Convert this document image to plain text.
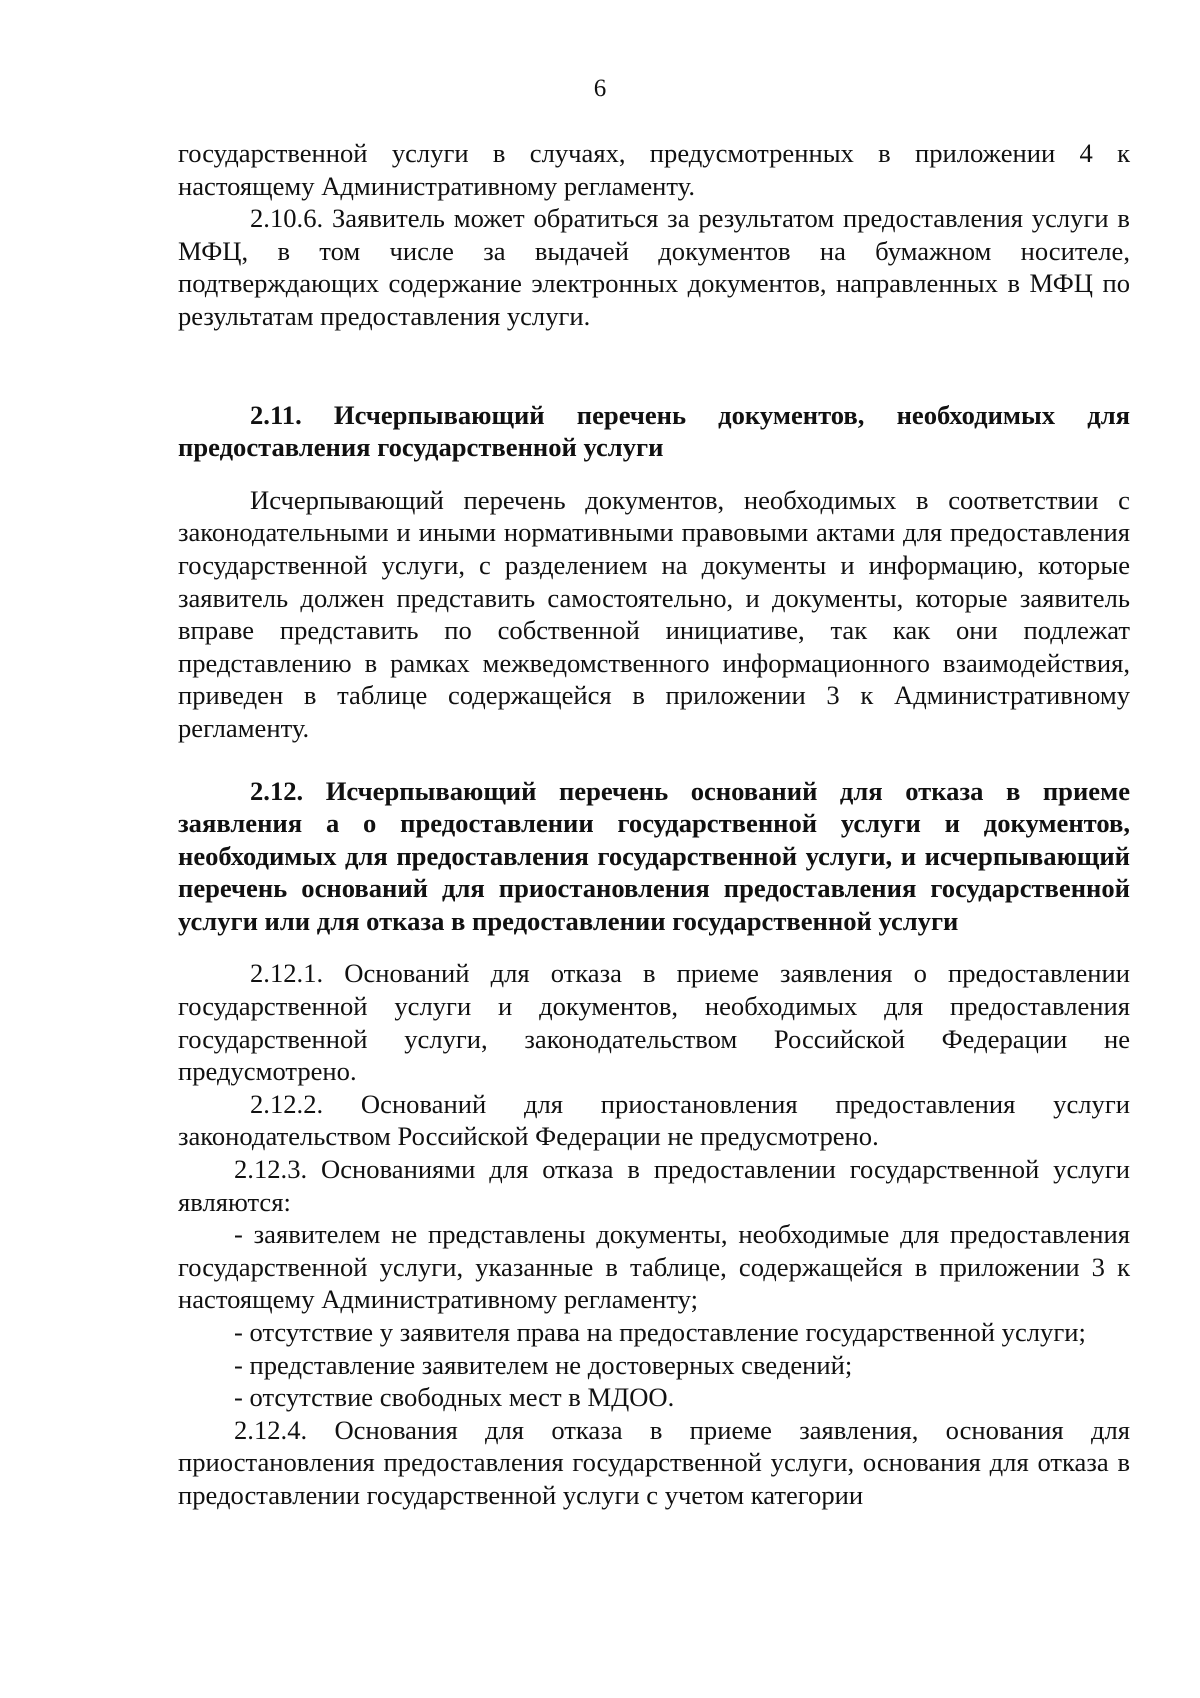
6

государственной услуги в случаях, предусмотренных в приложении 4 к настоящему Административному регламенту.

2.10.6. Заявитель может обратиться за результатом предоставления услуги в МФЦ, в том числе за выдачей документов на бумажном носителе, подтверждающих содержание электронных документов, направленных в МФЦ по результатам предоставления услуги.

2.11. Исчерпывающий перечень документов, необходимых для предоставления государственной услуги

Исчерпывающий перечень документов, необходимых в соответствии с законодательными и иными нормативными правовыми актами для предоставления государственной услуги, с разделением на документы и информацию, которые заявитель должен представить самостоятельно, и документы, которые заявитель вправе представить по собственной инициативе, так как они подлежат представлению в рамках межведомственного информационного взаимодействия, приведен в таблице содержащейся в приложении 3 к Административному регламенту.

2.12. Исчерпывающий перечень оснований для отказа в приеме заявления а о предоставлении государственной услуги и документов, необходимых для предоставления государственной услуги, и исчерпывающий перечень оснований для приостановления предоставления государственной услуги или для отказа в предоставлении государственной услуги

2.12.1. Оснований для отказа в приеме заявления о предоставлении государственной услуги и документов, необходимых для предоставления государственной услуги, законодательством Российской Федерации не предусмотрено.

2.12.2. Оснований для приостановления предоставления услуги законодательством Российской Федерации не предусмотрено.

2.12.3. Основаниями для отказа в предоставлении государственной услуги являются:

- заявителем не представлены документы, необходимые для предоставления государственной услуги, указанные в таблице, содержащейся в приложении 3 к настоящему Административному регламенту;

- отсутствие у заявителя права на предоставление государственной услуги;

- представление заявителем не достоверных сведений;

- отсутствие свободных мест в МДОО.

2.12.4. Основания для отказа в приеме заявления, основания для приостановления предоставления государственной услуги, основания для отказа в предоставлении государственной услуги с учетом категории
